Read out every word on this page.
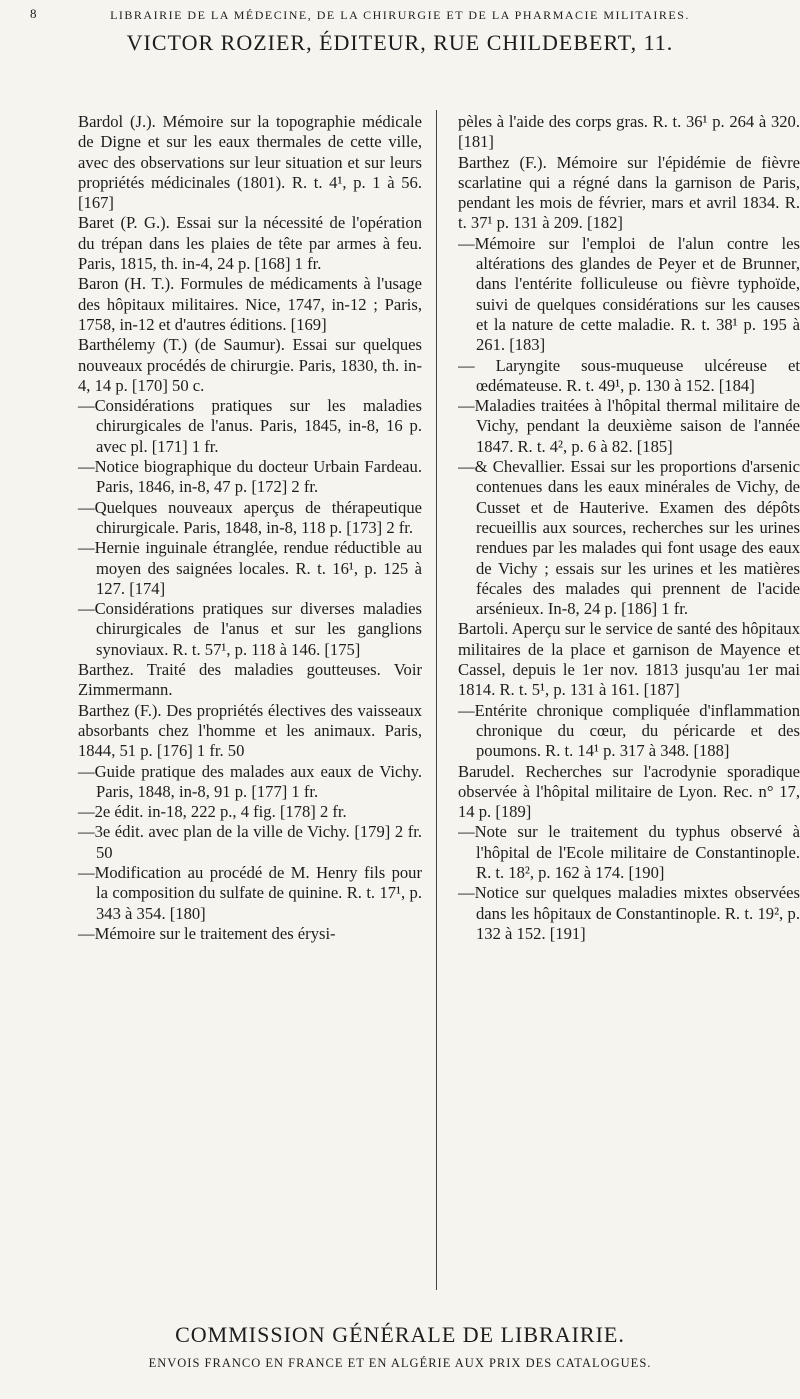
8	LIBRAIRIE DE LA MÉDECINE, DE LA CHIRURGIE ET DE LA PHARMACIE MILITAIRES.
VICTOR ROZIER, ÉDITEUR, RUE CHILDEBERT, 11.

Bardol (J.). Mémoire sur la topographie médicale de Digne et sur les eaux thermales de cette ville, avec des observations sur leur situation et sur leurs propriétés médicinales (1801). R. t. 4¹, p. 1 à 56. [167]

Baret (P. G.). Essai sur la nécessité de l'opération du trépan dans les plaies de tête par armes à feu. Paris, 1815, th. in-4, 24 p. [168] 1 fr.

Baron (H. T.). Formules de médicaments à l'usage des hôpitaux militaires. Nice, 1747, in-12 ; Paris, 1758, in-12 et d'autres éditions. [169]

Barthélemy (T.) (de Saumur). Essai sur quelques nouveaux procédés de chirurgie. Paris, 1830, th. in-4, 14 p. [170] 50 c.

—Considérations pratiques sur les maladies chirurgicales de l'anus. Paris, 1845, in-8, 16 p. avec pl. [171] 1 fr.

—Notice biographique du docteur Urbain Fardeau. Paris, 1846, in-8, 47 p. [172] 2 fr.

—Quelques nouveaux aperçus de thérapeutique chirurgicale. Paris, 1848, in-8, 118 p. [173] 2 fr.

—Hernie inguinale étranglée, rendue réductible au moyen des saignées locales. R. t. 16¹, p. 125 à 127. [174]

—Considérations pratiques sur diverses maladies chirurgicales de l'anus et sur les ganglions synoviaux. R. t. 57¹, p. 118 à 146. [175]

Barthez. Traité des maladies goutteuses. Voir Zimmermann.

Barthez (F.). Des propriétés électives des vaisseaux absorbants chez l'homme et les animaux. Paris, 1844, 51 p. [176] 1 fr. 50

—Guide pratique des malades aux eaux de Vichy. Paris, 1848, in-8, 91 p. [177] 1 fr.

—2e édit. in-18, 222 p., 4 fig. [178] 2 fr.

—3e édit. avec plan de la ville de Vichy. [179] 2 fr. 50

—Modification au procédé de M. Henry fils pour la composition du sulfate de quinine. R. t. 17¹, p. 343 à 354. [180]

—Mémoire sur le traitement des érysi-

pèles à l'aide des corps gras. R. t. 36¹ p. 264 à 320. [181]

Barthez (F.). Mémoire sur l'épidémie de fièvre scarlatine qui a régné dans la garnison de Paris, pendant les mois de février, mars et avril 1834. R. t. 37¹ p. 131 à 209. [182]

—Mémoire sur l'emploi de l'alun contre les altérations des glandes de Peyer et de Brunner, dans l'entérite folliculeuse ou fièvre typhoïde, suivi de quelques considérations sur les causes et la nature de cette maladie. R. t. 38¹ p. 195 à 261. [183]

— Laryngite sous-muqueuse ulcéreuse et œdémateuse. R. t. 49¹, p. 130 à 152. [184]

—Maladies traitées à l'hôpital thermal militaire de Vichy, pendant la deuxième saison de l'année 1847. R. t. 4², p. 6 à 82. [185]

—& Chevallier. Essai sur les proportions d'arsenic contenues dans les eaux minérales de Vichy, de Cusset et de Hauterive. Examen des dépôts recueillis aux sources, recherches sur les urines rendues par les malades qui font usage des eaux de Vichy ; essais sur les urines et les matières fécales des malades qui prennent de l'acide arsénieux. In-8, 24 p. [186] 1 fr.

Bartoli. Aperçu sur le service de santé des hôpitaux militaires de la place et garnison de Mayence et Cassel, depuis le 1er nov. 1813 jusqu'au 1er mai 1814. R. t. 5¹, p. 131 à 161. [187]

—Entérite chronique compliquée d'inflammation chronique du cœur, du péricarde et des poumons. R. t. 14¹ p. 317 à 348. [188]

Barudel. Recherches sur l'acrodynie sporadique observée à l'hôpital militaire de Lyon. Rec. n° 17, 14 p. [189]

—Note sur le traitement du typhus observé à l'hôpital de l'Ecole militaire de Constantinople. R. t. 18², p. 162 à 174. [190]

—Notice sur quelques maladies mixtes observées dans les hôpitaux de Constantinople. R. t. 19², p. 132 à 152. [191]

COMMISSION GÉNÉRALE DE LIBRAIRIE.
ENVOIS FRANCO EN FRANCE ET EN ALGÉRIE AUX PRIX DES CATALOGUES.
